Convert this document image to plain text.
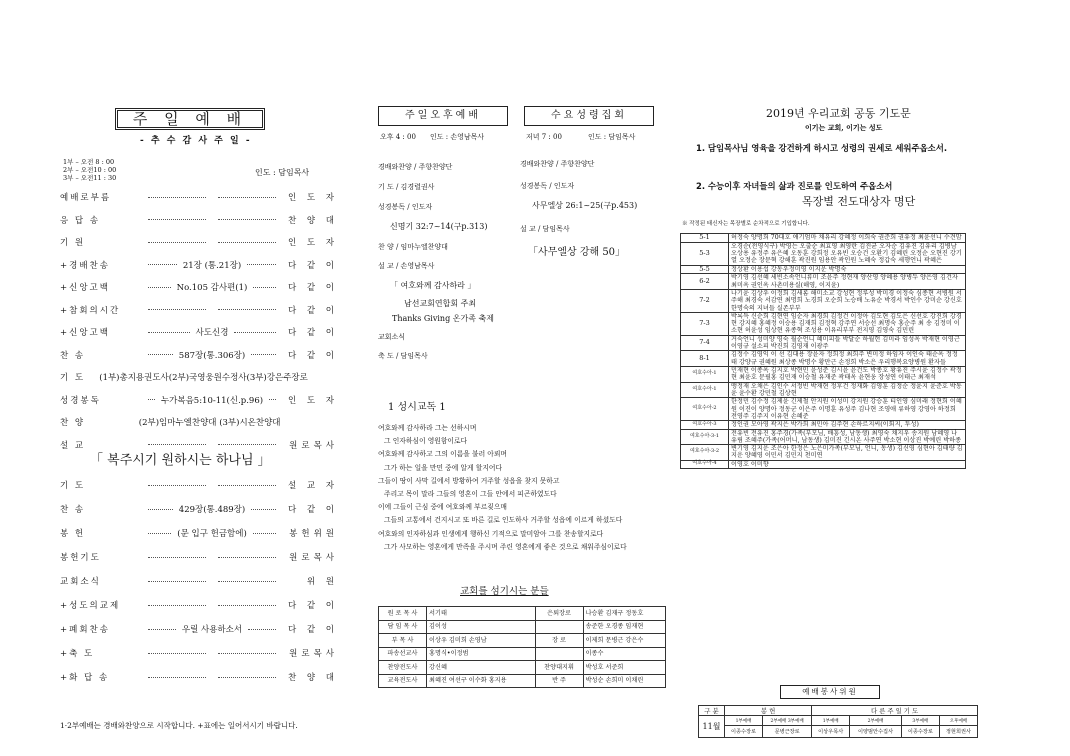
주 일 예 배
- 추 수 감 사 주 일 -
1부 – 오전 8 : 00
2부 – 오전10 : 00
3부 – 오전11 : 30
인도 : 담임목사
예배로부름	인 도 자
응 답 송	찬 양 대
기 원	인 도 자
+경배찬송	21장 (통.21장)	다 같 이
+신앙고백	No.105 감사편(1)	다 같 이
+참회의시간	다 같 이
+신앙고백	사도신경	다 같 이
찬 송	587장(통.306장)	다 같 이
기 도	(1부)총지용권도사(2부)국영웅원수정사(3부)강은주장로
성경봉독	누가복음5:10-11(신.p.96)	인 도 자
찬 양	(2부)임마누엘찬양대 (3부)시온찬양대
설 교	원로목사
「 복주시기 원하시는 하나님 」
기 도	설 교 자
찬 송	429장(통.489장)	다 같 이
봉 헌	(문 입구 헌금함에)	봉헌위원
봉헌기도	원로목사
교회소식	위 원
+성도의교제	다 같 이
+폐회찬송	우릴 사용하소서	다 같 이
+축 도	원로목사
+화 답 송	찬 양 대
1·2부예배는 경배와찬양으로 시작합니다. +표에는 일어서시기 바랍니다.
주일오후예배	수요성령집회
오후 4 : 00 인도 : 손영남목사	저녁 7 : 00	인도 : 담임목사
경배와찬양 / 주향찬양단
기 도 / 김경렬권사
성경봉독 / 인도자
신명기 32:7~14(구p.313)
찬 양 / 임마누엘찬양대
설 교 / 손영남목사
「 여호와께 감사하라 」
남선교회연합회 주최
Thanks Giving 온가족 축제
교회소식
축 도 / 담임목사
경배와찬양 / 주향찬양단
성경봉독 / 인도자
사무엘상 26:1~25(구p.453)
설 교 / 담임목사
「사무엘상 강해 50」
1 성시교독 1
여호와께 감사하라 그는 선하시며
그 인자하심이 영원함이로다
여호와께 감사하고 그의 이름을 불러 아뢰며
그가 하는 일을 만민 중에 알게 할지어다
그들이 땅이 사막 길에서 방황하여 거주할 성읍을 찾지 못하고
주리고 목이 말라 그들의 영혼이 그들 안에서 피곤하였도다
이에 그들이 근심 중에 여호와께 부르짖으매
그들의 고통에서 건지시고 또 바른 길로 인도하사 거주할 성읍에 이르게 하셨도다
여호와의 인자하심과 인생에게 행하신 기적으로 말미암아 그를 찬송할지로다
그가 사모하는 영혼에게 만족을 주시며 주린 영혼에게 좋은 것으로 채워주심이로다
교회를 섬기시는 분들
원 로 목 사	서기태	은퇴장로	나승환 김재구 정동호
담 임 목 사	김이성		송준한 오경종 임재현
부 목 사	이상우 김미희 손영남	장 로	이제희 문병근 강은수
파송선교사	홍명식•이정범		이종수
찬양전도사	강신혜	찬양대지휘	박성호 서준희
교육전도사	최혜진 여선구 이수화 홍지용	반 주	박성순 손희미 이채린
2019년 우리교회 공동 기도문
이기는 교회, 이기는 성도
1. 담임목사님 영육을 강건하게 하시고 성령의 권세로 세워주옵소서.
2. 수능이후 자녀들의 삶과 진로를 인도하여 주옵소서
목장별 전도대상자 명단
※ 작정된 태신자는 목장별로 순차적으로 기입합니다.
5-1	허정숙 양명희 70대호 애기엄마 채유리 강혜정 이희숙 권준희 권유정 최윤선니 수견맘
5-3	오경순(전영식구) 박영는 오출순 최효영 최영란 김진균 오자순 김유진 김유리 김병남 오상용 유정주 유은혜 오동훈 강희정 오유빈 오승건 오환기 김혜린 오정순 오현진 강기열 오정순 장문혁 강해훈 곽진원 임용안 곽인원 노혜숙 정갑숙 세행언니 곽혜은
5-5	정상환 이용섭 강동우정미영 이지운 박명숙
6-2	박기영 김선혜 세빈소속언니류미 조윤주 정현재 양산영 양혜용 양병두 양은영 김건자 최미옥 권인옥 사촌미용실(해영, 이지윤)
7-2	나기윤 김상우 이정희 김새롬 해미소교 강성현 정루성 박미경 이정숙 심종현 서병원 서주해 최경숙 서감연 최명희 노경희 오순희 노승배 노유순 박경서 박인수 강미순 강신호 한명숙의 지녀들 실존부부
7-3	박록득 신순희 김현연 임순자 최경희 김정건 이정아 김도현 김도은 신선호 강진희 강경현 강지혜 홍혜정 이승용 김재희 김정혁 강주연 서승선 최명숙 홍순주 최 송 김정미 이소현 허윤성 임상현 유종혁 조성용 이유리부부 전지영 김영숙 김민린
7-4	거숙언니 성미양 영숙 월순언니 혜미피들 박달순 하월헌 김미라 임성옥 박재현 이영근 이영규 설소피 박진희 김영재 이광주
8-1	김정수 김영익 이 선 김대용 장윤자 정희정 최희주 변미정 하임자 이인숙 태순옥 정정태 강양규 권혜원 최상종 박명수 황만근 손정희 박소은 우리행복요양병원 환자들
여호수아-1	민재현 이종옥 김지호 박현민 윤성준 김시윤 윤건도 박종호 황유진 주시윤 김정수 곽정현 최윤호 문필홍 김민재 이승철 유재준 곽태옥 윤현웅 장성연 이태근 최재석
여호수아-1	맹정재 오채은 김인수 서정빈 박재현 정후건 정재화 김영훈 김정순 정윤지 윤준호 박동윤 윤수환 강민철 김상현
여호수아-2	한정민 김수정 김제윤 긴제철 안지원 이성미 강지원 강승훈 티인영 심미래 정현희 이혜원 이진이 양명아 정동군 이은주 이명훈 유성주 김나현 조영애 류하영 강영아 하정희 전영주 김주지 이유현 손혜준
여호수아-3	정인권 모아영 곽지은 박가희 최민아 김주현 손하르지씨(이회지, 투성)
여호수아-3-1	전유빈 전유진 홍주경(가족(부모님, 배흥성, 남동생) 최영숙 채지우 송지원 남혜영 나유림 조혜주(가족(어머니, 남동생) 김미진 긴시온 사주연 박소현 이상진 박예린 박하종
여호수아-3-2	변기영 김지운 조은아 한정은 노은미가족(부모님, 언니, 동생) 김신영 심현아 김태량 김지운 양혜영 이민서 김민지 천미연
여호수아-4	이영호 이미향
예배봉사위원
구 분	봉 헌		다 른 주 일 기 도			
11월	1부예배	2부예배 3부예배	1부예배	2부예배	3부예배	오후예배
	이종수장로	문병근장로	이상우목사	이양범안수집사	이종수장로	정현희권사
